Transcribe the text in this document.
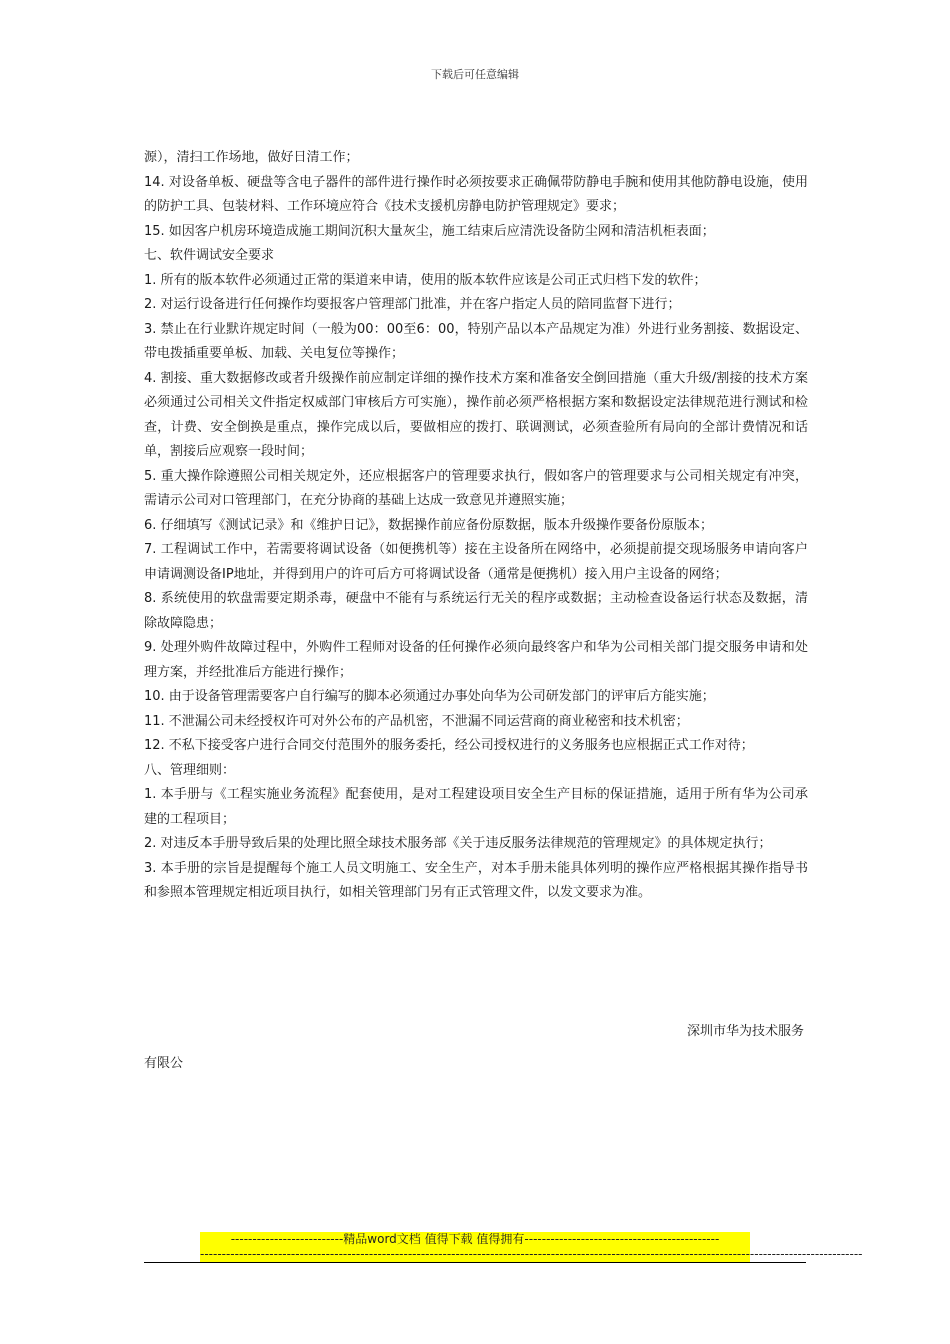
下载后可任意编辑

源），清扫工作场地，做好日清工作；

14. 对设备单板、硬盘等含电子器件的部件进行操作时必须按要求正确佩带防静电手腕和使用其他防静电设施，使用的防护工具、包装材料、工作环境应符合《技术支援机房静电防护管理规定》要求；

15. 如因客户机房环境造成施工期间沉积大量灰尘，施工结束后应清洗设备防尘网和清洁机柜表面；

七、软件调试安全要求

1. 所有的版本软件必须通过正常的渠道来申请，使用的版本软件应该是公司正式归档下发的软件；

2. 对运行设备进行任何操作均要报客户管理部门批准，并在客户指定人员的陪同监督下进行；

3. 禁止在行业默许规定时间（一般为00：00至6：00，特别产品以本产品规定为准）外进行业务割接、数据设定、带电拨插重要单板、加载、关电复位等操作；

4. 割接、重大数据修改或者升级操作前应制定详细的操作技术方案和准备安全倒回措施（重大升级/割接的技术方案必须通过公司相关文件指定权威部门审核后方可实施），操作前必须严格根据方案和数据设定法律规范进行测试和检查，计费、安全倒换是重点，操作完成以后，要做相应的拨打、联调测试，必须查验所有局向的全部计费情况和话单，割接后应观察一段时间；

5. 重大操作除遵照公司相关规定外，还应根据客户的管理要求执行，假如客户的管理要求与公司相关规定有冲突，需请示公司对口管理部门，在充分协商的基础上达成一致意见并遵照实施；

6. 仔细填写《测试记录》和《维护日记》，数据操作前应备份原数据，版本升级操作要备份原版本；

7. 工程调试工作中，若需要将调试设备（如便携机等）接在主设备所在网络中，必须提前提交现场服务申请向客户申请调测设备IP地址，并得到用户的许可后方可将调试设备（通常是便携机）接入用户主设备的网络；

8. 系统使用的软盘需要定期杀毒，硬盘中不能有与系统运行无关的程序或数据；主动检查设备运行状态及数据，清除故障隐患；

9. 处理外购件故障过程中，外购件工程师对设备的任何操作必须向最终客户和华为公司相关部门提交服务申请和处理方案，并经批准后方能进行操作；

10. 由于设备管理需要客户自行编写的脚本必须通过办事处向华为公司研发部门的评审后方能实施；

11. 不泄漏公司未经授权许可对外公布的产品机密，不泄漏不同运营商的商业秘密和技术机密；

12. 不私下接受客户进行合同交付范围外的服务委托，经公司授权进行的义务服务也应根据正式工作对待；

八、管理细则：

1. 本手册与《工程实施业务流程》配套使用，是对工程建设项目安全生产目标的保证措施，适用于所有华为公司承建的工程项目；

2. 对违反本手册导致后果的处理比照全球技术服务部《关于违反服务法律规范的管理规定》的具体规定执行；

3. 本手册的宗旨是提醒每个施工人员文明施工、安全生产，对本手册未能具体列明的操作应严格根据其操作指导书和参照本管理规定相近项目执行，如相关管理部门另有正式管理文件，以发文要求为准。

深圳市华为技术服务
有限公
--------------------------精品word文档 值得下载 值得拥有---------------------------------------------
---------------------------------------------------------------------------------------------------------------------------------------------------------
